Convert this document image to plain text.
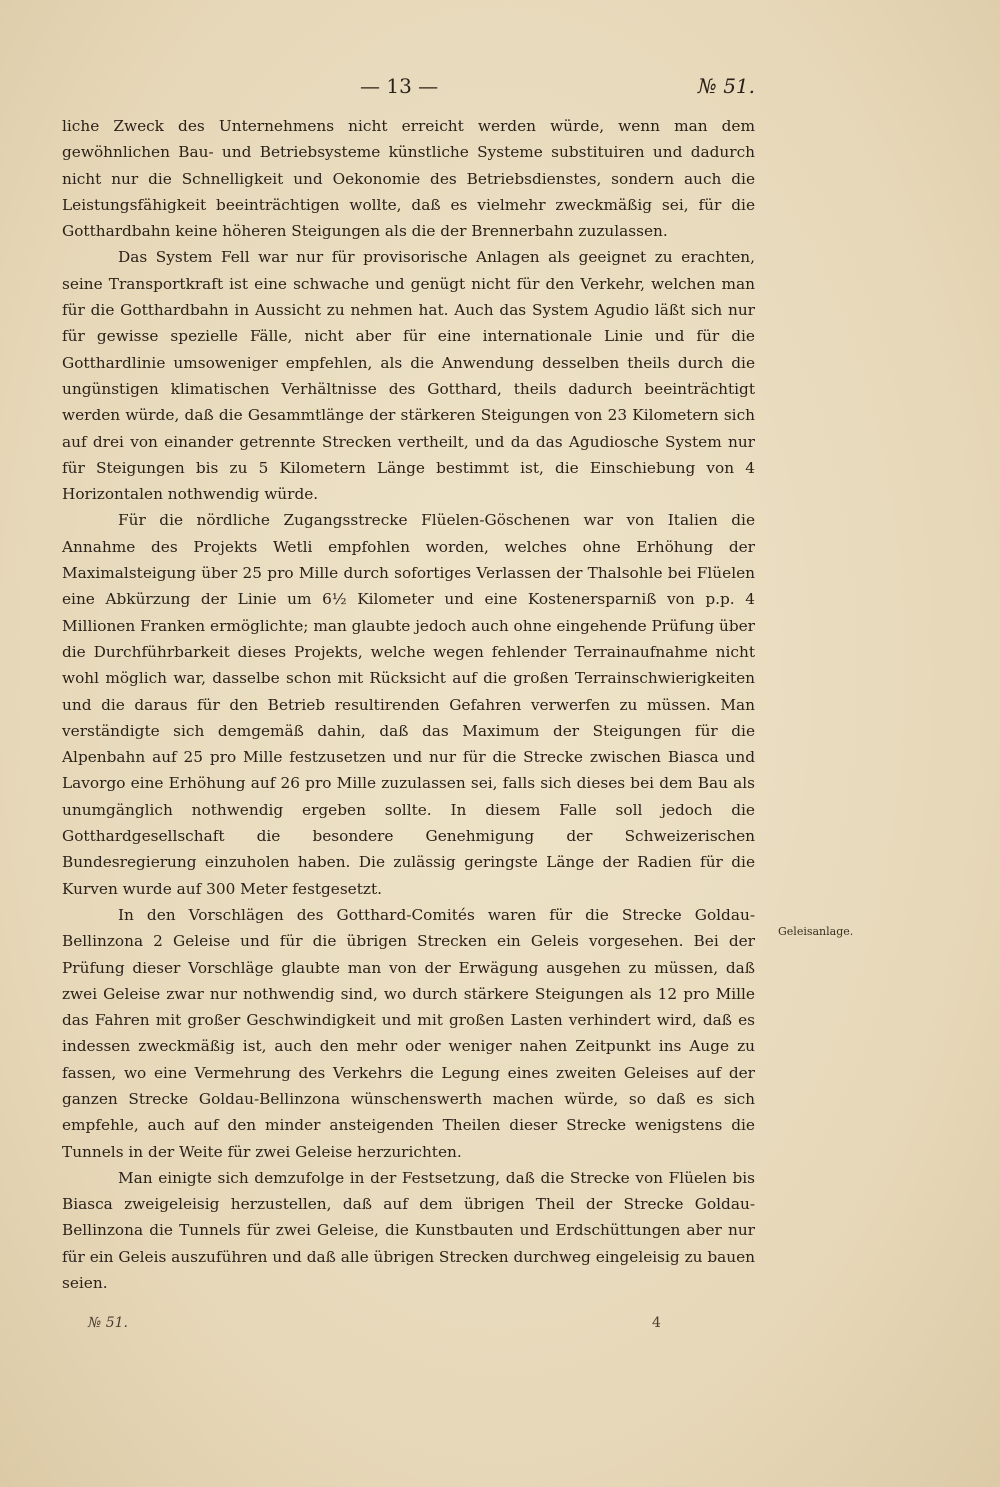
— 13 —	№ 51.

liche Zweck des Unternehmens nicht erreicht werden würde, wenn man dem gewöhnlichen Bau- und Betriebsysteme künstliche Systeme substituiren und dadurch nicht nur die Schnelligkeit und Oekonomie des Betriebsdienstes, sondern auch die Leistungsfähigkeit beeinträchtigen wollte, daß es vielmehr zweckmäßig sei, für die Gotthardbahn keine höheren Steigungen als die der Brennerbahn zuzulassen.

Das System Fell war nur für provisorische Anlagen als geeignet zu erachten, seine Transportkraft ist eine schwache und genügt nicht für den Verkehr, welchen man für die Gotthardbahn in Aussicht zu nehmen hat. Auch das System Agudio läßt sich nur für gewisse spezielle Fälle, nicht aber für eine internationale Linie und für die Gotthardlinie umsoweniger empfehlen, als die Anwendung desselben theils durch die ungünstigen klimatischen Verhältnisse des Gotthard, theils dadurch beeinträchtigt werden würde, daß die Gesammtlänge der stärkeren Steigungen von 23 Kilometern sich auf drei von einander getrennte Strecken vertheilt, und da das Agudiosche System nur für Steigungen bis zu 5 Kilometern Länge bestimmt ist, die Einschiebung von 4 Horizontalen nothwendig würde.

Für die nördliche Zugangsstrecke Flüelen-Göschenen war von Italien die Annahme des Projekts Wetli empfohlen worden, welches ohne Erhöhung der Maximalsteigung über 25 pro Mille durch sofortiges Verlassen der Thalsohle bei Flüelen eine Abkürzung der Linie um 6½ Kilometer und eine Kostenersparniß von p.p. 4 Millionen Franken ermöglichte; man glaubte jedoch auch ohne eingehende Prüfung über die Durchführbarkeit dieses Projekts, welche wegen fehlender Terrainaufnahme nicht wohl möglich war, dasselbe schon mit Rücksicht auf die großen Terrainschwierigkeiten und die daraus für den Betrieb resultirenden Gefahren verwerfen zu müssen. Man verständigte sich demgemäß dahin, daß das Maximum der Steigungen für die Alpenbahn auf 25 pro Mille festzusetzen und nur für die Strecke zwischen Biasca und Lavorgo eine Erhöhung auf 26 pro Mille zuzulassen sei, falls sich dieses bei dem Bau als unumgänglich nothwendig ergeben sollte. In diesem Falle soll jedoch die Gotthardgesellschaft die besondere Genehmigung der Schweizerischen Bundesregierung einzuholen haben. Die zulässig geringste Länge der Radien für die Kurven wurde auf 300 Meter festgesetzt.

In den Vorschlägen des Gotthard-Comités waren für die Strecke Goldau-Bellinzona 2 Geleise und für die übrigen Strecken ein Geleis vorgesehen. Bei der Prüfung dieser Vorschläge glaubte man von der Erwägung ausgehen zu müssen, daß zwei Geleise zwar nur nothwendig sind, wo durch stärkere Steigungen als 12 pro Mille das Fahren mit großer Geschwindigkeit und mit großen Lasten verhindert wird, daß es indessen zweckmäßig ist, auch den mehr oder weniger nahen Zeitpunkt ins Auge zu fassen, wo eine Vermehrung des Verkehrs die Legung eines zweiten Geleises auf der ganzen Strecke Goldau-Bellinzona wünschenswerth machen würde, so daß es sich empfehle, auch auf den minder ansteigenden Theilen dieser Strecke wenigstens die Tunnels in der Weite für zwei Geleise herzurichten.

Man einigte sich demzufolge in der Festsetzung, daß die Strecke von Flüelen bis Biasca zweigeleisig herzustellen, daß auf dem übrigen Theil der Strecke Goldau-Bellinzona die Tunnels für zwei Geleise, die Kunstbauten und Erdschüttungen aber nur für ein Geleis auszuführen und daß alle übrigen Strecken durchweg eingeleisig zu bauen seien.

Geleisanlage.
№ 51.	4
